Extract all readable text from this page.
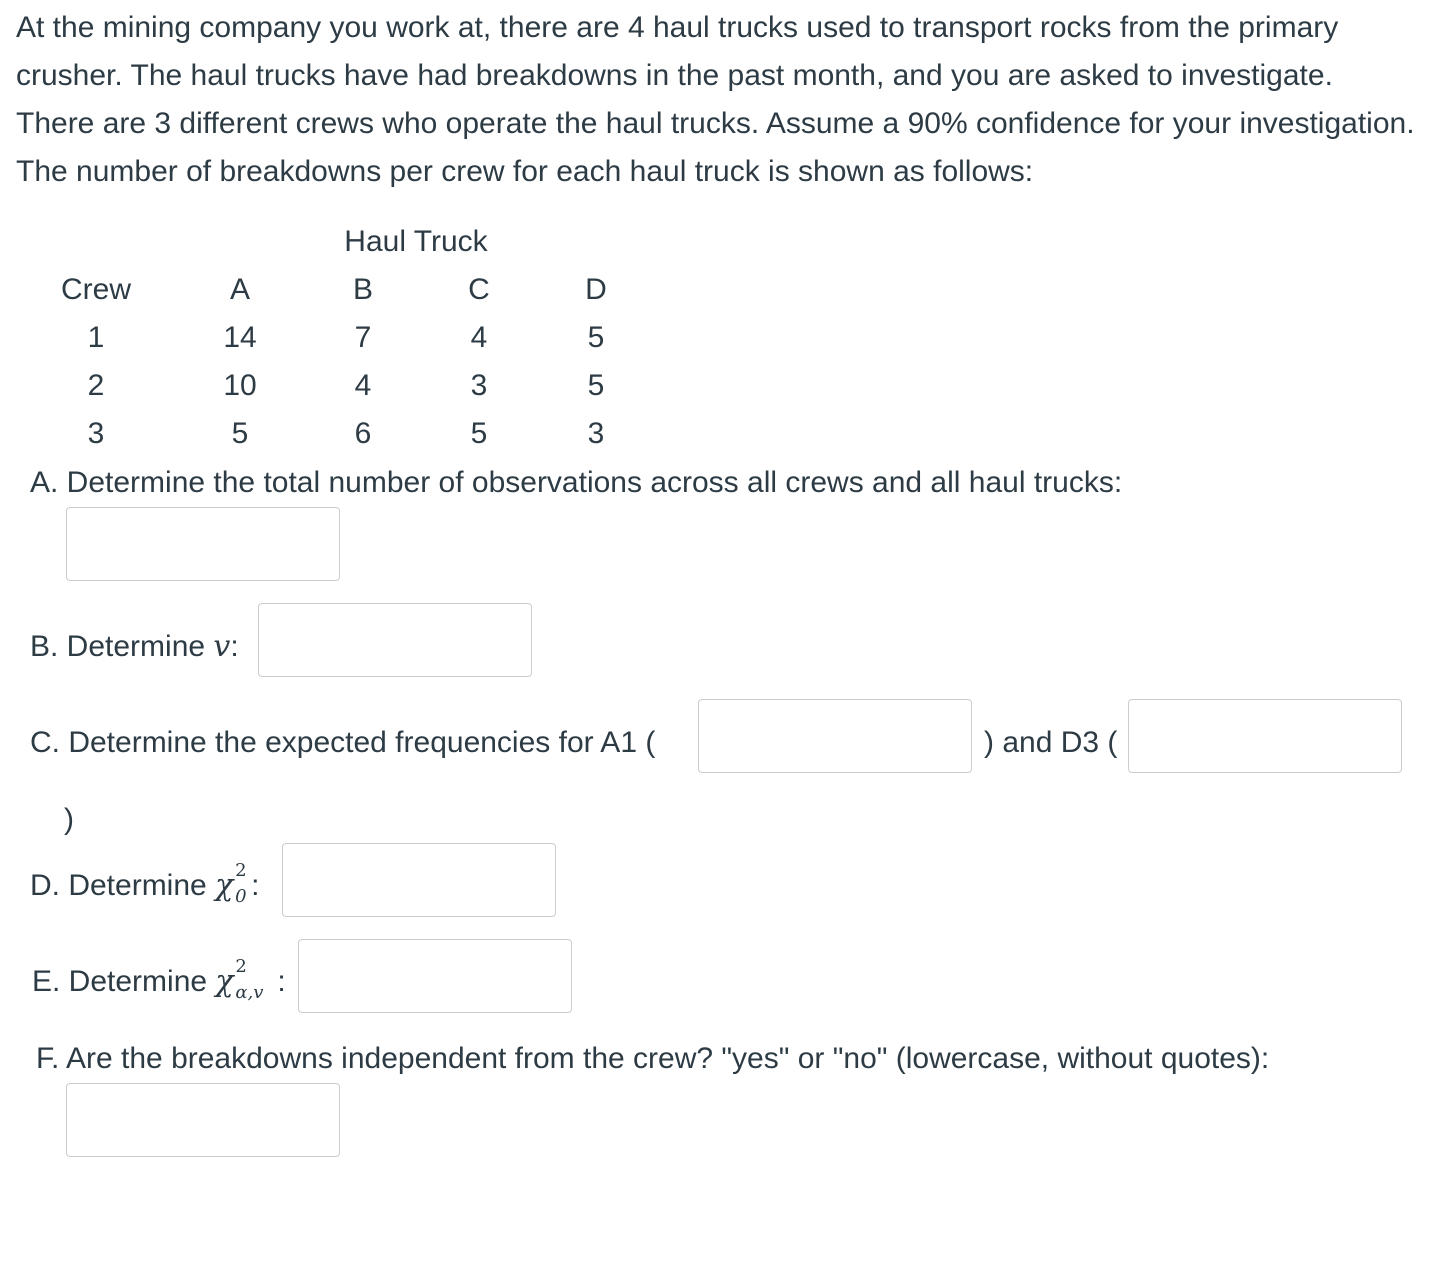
At the mining company you work at, there are 4 haul trucks used to transport rocks from the primary crusher. The haul trucks have had breakdowns in the past month, and you are asked to investigate. There are 3 different crews who operate the haul trucks. Assume a 90% confidence for your investigation. The number of breakdowns per crew for each haul truck is shown as follows:
Haul Truck
Crew	A	B	C	D
1	14	7	4	5
2	10	4	3	5
3	5	6	5	3
A. Determine the total number of observations across all crews and all haul trucks:
B. Determine v:
C. Determine the expected frequencies for A1 (	) and D3 (
)
D. Determine χ 2
0 :
E. Determine χ 2
α,v :
F. Are the breakdowns independent from the crew? "yes" or "no" (lowercase, without quotes):
